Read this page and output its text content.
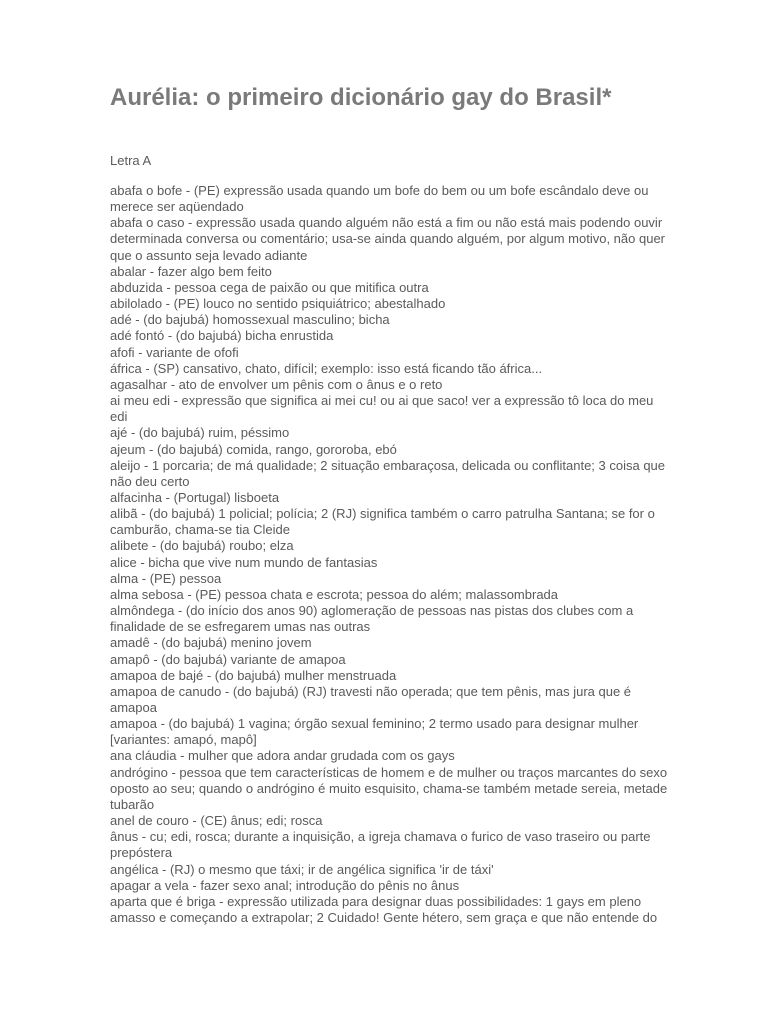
Aurélia: o primeiro dicionário gay do Brasil*
Letra A

abafa o bofe - (PE) expressão usada quando um bofe do bem ou um bofe escândalo deve ou merece ser aqüendado

abafa o caso - expressão usada quando alguém não está a fim ou não está mais podendo ouvir determinada conversa ou comentário; usa-se ainda quando alguém, por algum motivo, não quer que o assunto seja levado adiante

abalar - fazer algo bem feito

abduzida - pessoa cega de paixão ou que mitifica outra

abilolado - (PE) louco no sentido psiquiátrico; abestalhado

adé - (do bajubá) homossexual masculino; bicha

adé fontó - (do bajubá) bicha enrustida

afofi - variante de ofofi

áfrica - (SP) cansativo, chato, difícil; exemplo: isso está ficando tão áfrica...

agasalhar - ato de envolver um pênis com o ânus e o reto

ai meu edi - expressão que significa ai mei cu! ou ai que saco! ver a expressão tô loca do meu edi

ajé - (do bajubá) ruim, péssimo

ajeum - (do bajubá) comida, rango, gororoba, ebó

aleijo - 1 porcaria; de má qualidade; 2 situação embaraçosa, delicada ou conflitante; 3 coisa que não deu certo

alfacinha - (Portugal) lisboeta

alibã - (do bajubá) 1 policial; polícia; 2 (RJ) significa também o carro patrulha Santana; se for o camburão, chama-se tia Cleide

alibete - (do bajubá) roubo; elza

alice - bicha que vive num mundo de fantasias

alma - (PE) pessoa

alma sebosa - (PE) pessoa chata e escrota; pessoa do além; malassombrada

almôndega - (do início dos anos 90) aglomeração de pessoas nas pistas dos clubes com a finalidade de se esfregarem umas nas outras

amadê - (do bajubá) menino jovem

amapô - (do bajubá) variante de amapoa

amapoa de bajé - (do bajubá) mulher menstruada

amapoa de canudo - (do bajubá) (RJ) travesti não operada; que tem pênis, mas jura que é amapoa

amapoa - (do bajubá) 1 vagina; órgão sexual feminino; 2 termo usado para designar mulher [variantes: amapó, mapô]

ana cláudia - mulher que adora andar grudada com os gays

andrógino - pessoa que tem características de homem e de mulher ou traços marcantes do sexo oposto ao seu; quando o andrógino é muito esquisito, chama-se também metade sereia, metade tubarão

anel de couro - (CE) ânus; edi; rosca

ânus - cu; edi, rosca; durante a inquisição, a igreja chamava o furico de vaso traseiro ou parte prepóstera

angélica - (RJ) o mesmo que táxi; ir de angélica significa 'ir de táxi'

apagar a vela - fazer sexo anal; introdução do pênis no ânus

aparta que é briga - expressão utilizada para designar duas possibilidades: 1 gays em pleno amasso e começando a extrapolar; 2 Cuidado! Gente hétero, sem graça e que não entende do
